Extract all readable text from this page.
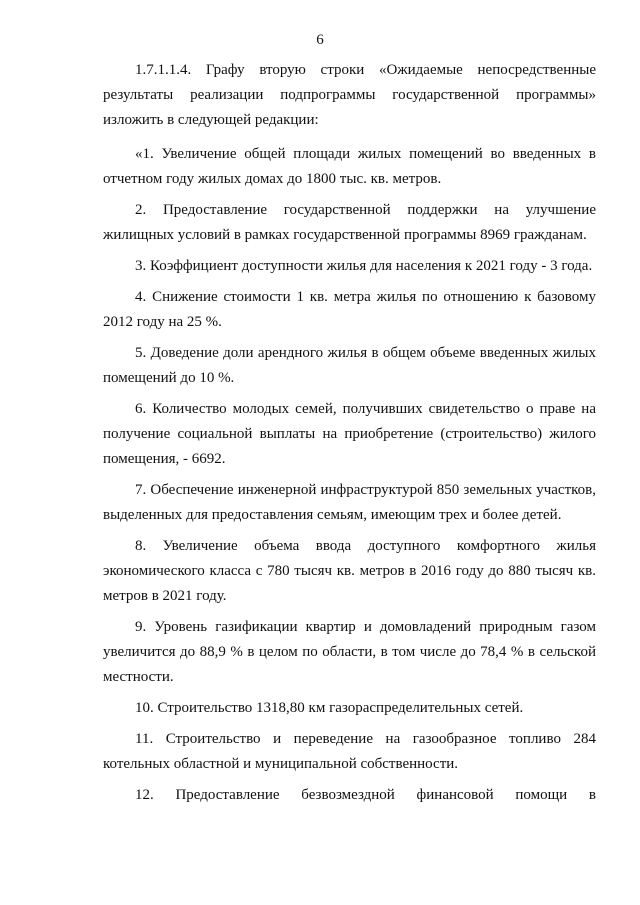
6

1.7.1.1.4. Графу вторую строки «Ожидаемые непосредственные результаты реализации подпрограммы государственной программы» изложить в следующей редакции:

«1. Увеличение общей площади жилых помещений во введенных в отчетном году жилых домах до 1800 тыс. кв. метров.

2. Предоставление государственной поддержки на улучшение жилищных условий в рамках государственной программы 8969 гражданам.

3. Коэффициент доступности жилья для населения к 2021 году - 3 года.

4. Снижение стоимости 1 кв. метра жилья по отношению к базовому 2012 году на 25 %.

5. Доведение доли арендного жилья в общем объеме введенных жилых помещений до 10 %.

6. Количество молодых семей, получивших свидетельство о праве на получение социальной выплаты на приобретение (строительство) жилого помещения, - 6692.

7. Обеспечение инженерной инфраструктурой 850 земельных участков, выделенных для предоставления семьям, имеющим трех и более детей.

8. Увеличение объема ввода доступного комфортного жилья экономического класса с 780 тысяч кв. метров в 2016 году до 880 тысяч кв. метров в 2021 году.

9. Уровень газификации квартир и домовладений природным газом увеличится до 88,9 % в целом по области, в том числе до 78,4 % в сельской местности.

10. Строительство 1318,80 км газораспределительных сетей.

11. Строительство и переведение на газообразное топливо 284 котельных областной и муниципальной собственности.

12. Предоставление безвозмездной финансовой помощи в
